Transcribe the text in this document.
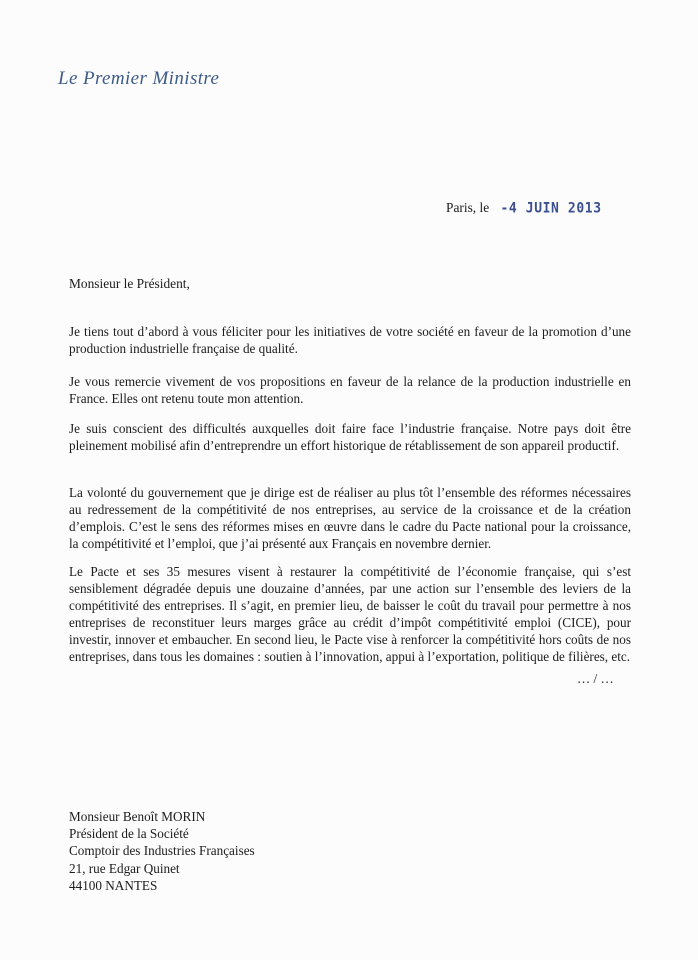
Le Premier Ministre
Paris, le -4 JUIN 2013
Monsieur le Président,

Je tiens tout d’abord à vous féliciter pour les initiatives de votre société en faveur de la promotion d’une production industrielle française de qualité.

Je vous remercie vivement de vos propositions en faveur de la relance de la production industrielle en France. Elles ont retenu toute mon attention.

Je suis conscient des difficultés auxquelles doit faire face l’industrie française. Notre pays doit être pleinement mobilisé afin d’entreprendre un effort historique de rétablissement de son appareil productif.

La volonté du gouvernement que je dirige est de réaliser au plus tôt l’ensemble des réformes nécessaires au redressement de la compétitivité de nos entreprises, au service de la croissance et de la création d’emplois. C’est le sens des réformes mises en œuvre dans le cadre du Pacte national pour la croissance, la compétitivité et l’emploi, que j’ai présenté aux Français en novembre dernier.

Le Pacte et ses 35 mesures visent à restaurer la compétitivité de l’économie française, qui s’est sensiblement dégradée depuis une douzaine d’années, par une action sur l’ensemble des leviers de la compétitivité des entreprises. Il s’agit, en premier lieu, de baisser le coût du travail pour permettre à nos entreprises de reconstituer leurs marges grâce au crédit d’impôt compétitivité emploi (CICE), pour investir, innover et embaucher. En second lieu, le Pacte vise à renforcer la compétitivité hors coûts de nos entreprises, dans tous les domaines : soutien à l’innovation, appui à l’exportation, politique de filières, etc.

… / …
Monsieur Benoît MORIN
Président de la Société
Comptoir des Industries Françaises
21, rue Edgar Quinet
44100 NANTES
